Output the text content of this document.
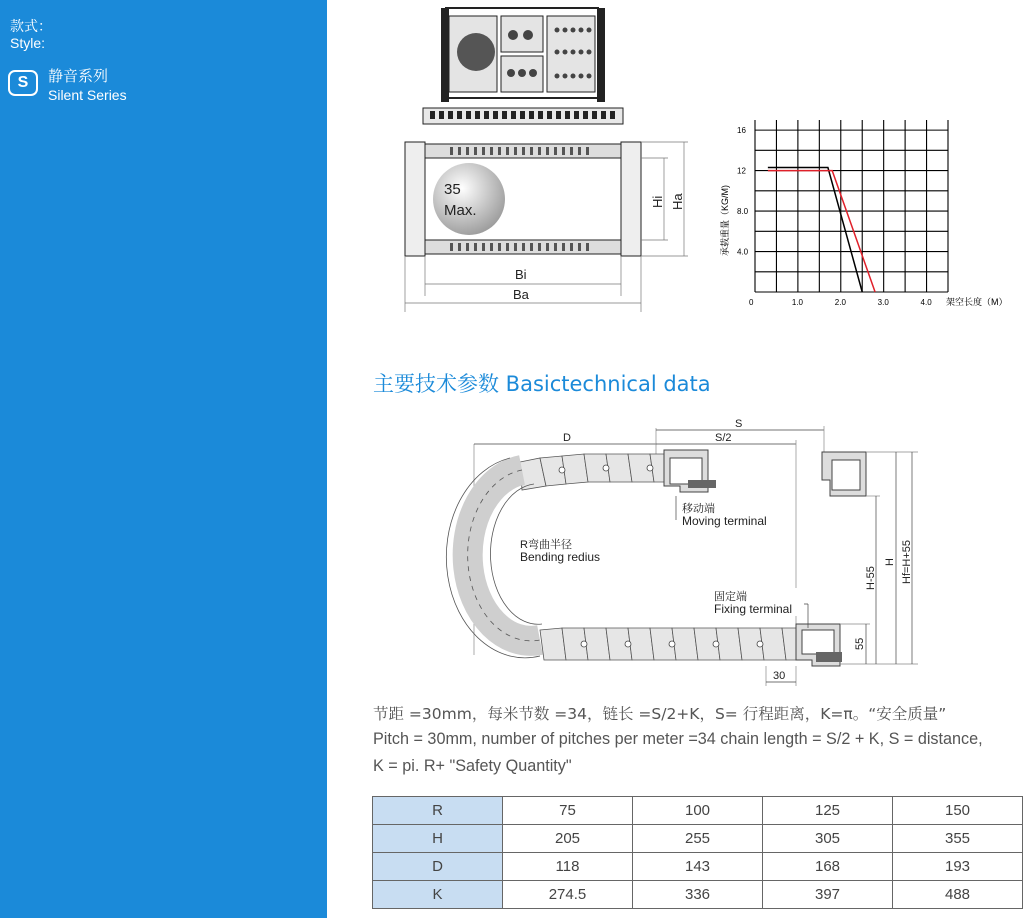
款式：
Style:
S	静音系列
Silent Series
35
Max.
Hi Ha
Bi
Ba
0	1.0	2.0	3.0	4.0
4.0
8.0
12
16
承载重量（KG/M)
架空长度（M）
主要技术参数 Basictechnical data
D
S
S/2
55
H-55
H Hf=H+55
30
移动端
Moving terminal
R弯曲半径
Bending redius
固定端
Fixing terminal
节距 =30mm，每米节数 =34，链长 =S/2+K，S= 行程距离，K=π。“安全质量”
Pitch = 30mm, number of pitches per meter =34 chain length = S/2 + K, S = distance,
K = pi. R+ "Safety Quantity"
R	75	100	125	150
H	205	255	305	355
D	118	143	168	193
K	274.5	336	397	488
